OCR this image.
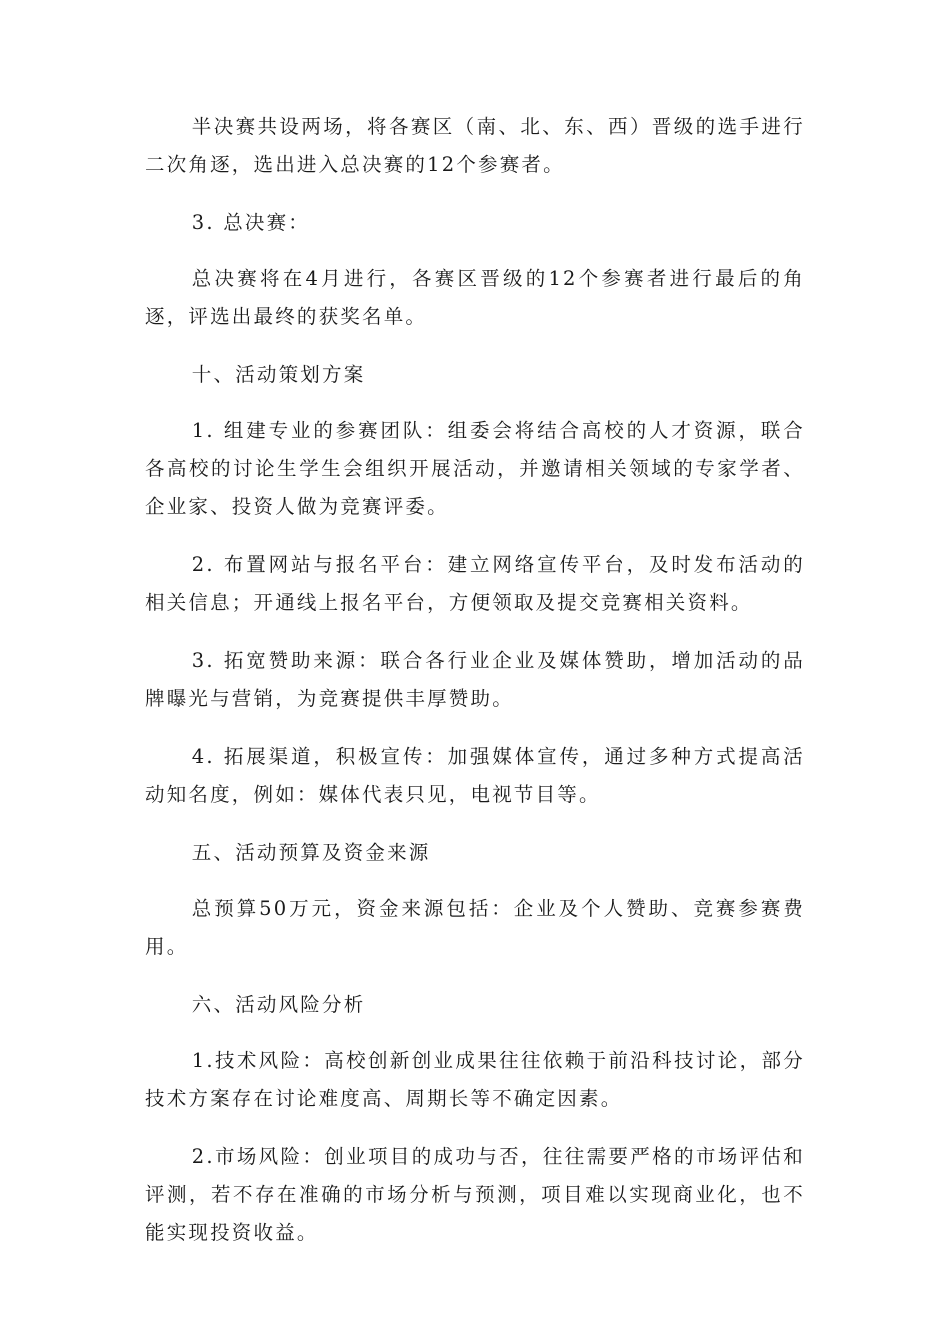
半决赛共设两场，将各赛区（南、北、东、西）晋级的选手进行二次角逐，选出进入总决赛的12个参赛者。

3. 总决赛：

总决赛将在4月进行，各赛区晋级的12个参赛者进行最后的角逐，评选出最终的获奖名单。

十、活动策划方案

1. 组建专业的参赛团队：组委会将结合高校的人才资源，联合各高校的讨论生学生会组织开展活动，并邀请相关领域的专家学者、企业家、投资人做为竞赛评委。

2. 布置网站与报名平台：建立网络宣传平台，及时发布活动的相关信息；开通线上报名平台，方便领取及提交竞赛相关资料。

3. 拓宽赞助来源：联合各行业企业及媒体赞助，增加活动的品牌曝光与营销，为竞赛提供丰厚赞助。

4. 拓展渠道，积极宣传：加强媒体宣传，通过多种方式提高活动知名度，例如：媒体代表只见，电视节目等。

五、活动预算及资金来源

总预算50万元，资金来源包括：企业及个人赞助、竞赛参赛费用。

六、活动风险分析

1.技术风险：高校创新创业成果往往依赖于前沿科技讨论，部分技术方案存在讨论难度高、周期长等不确定因素。

2.市场风险：创业项目的成功与否，往往需要严格的市场评估和评测，若不存在准确的市场分析与预测，项目难以实现商业化，也不能实现投资收益。
